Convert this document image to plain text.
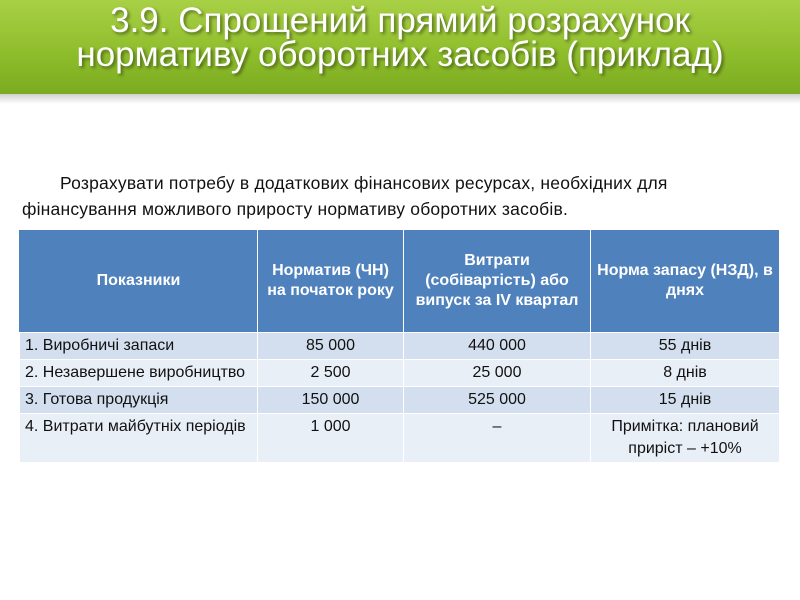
3.9. Спрощений прямий розрахунок нормативу оборотних засобів (приклад)

Розрахувати потребу в додаткових фінансових ресурсах, необхідних для фінансування можливого приросту нормативу оборотних засобів.

Показники	Норматив (ЧН) на початок року	Витрати (собівартість) або випуск за IV квартал	Норма запасу (НЗД), в днях
1. Виробничі запаси	85 000	440 000	55 днів
2. Незавершене виробництво	2 500	25 000	8 днів
3. Готова продукція	150 000	525 000	15 днів
4. Витрати майбутніх періодів	1 000	–	Примітка: плановий приріст – +10%
